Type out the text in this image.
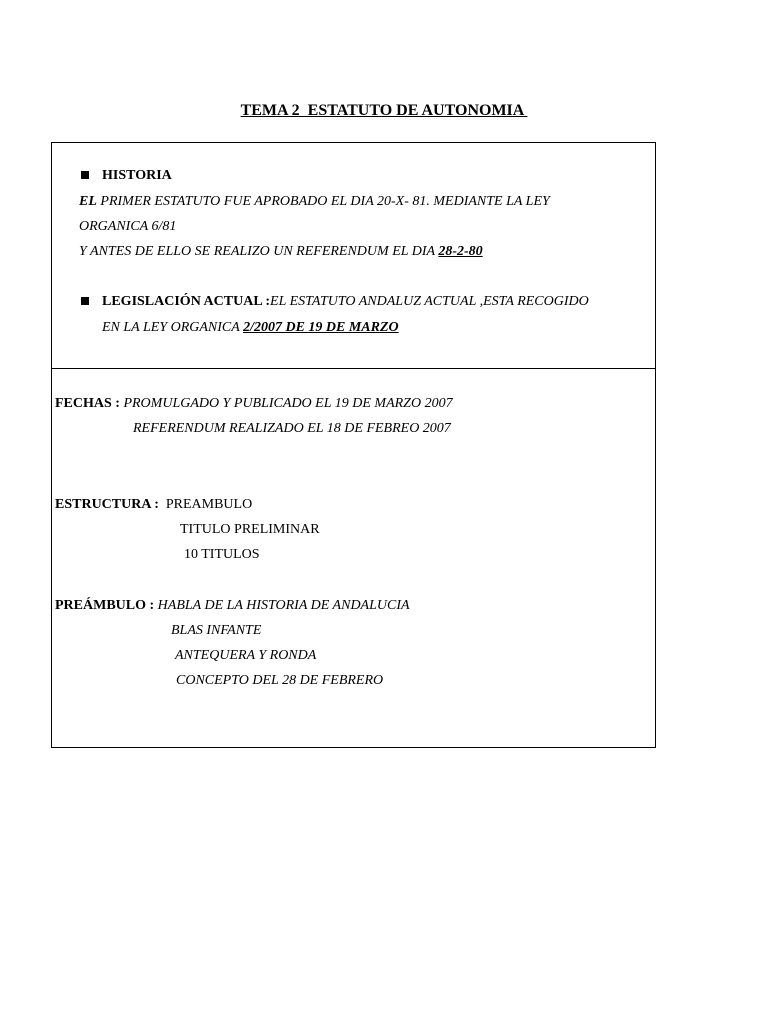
TEMA 2  ESTATUTO DE AUTONOMIA
HISTORIA
EL PRIMER ESTATUTO FUE APROBADO EL DIA 20-X- 81. MEDIANTE LA LEY
ORGANICA 6/81
Y ANTES DE ELLO SE REALIZO UN REFERENDUM EL DIA 28-2-80
LEGISLACIÓN ACTUAL :EL ESTATUTO ANDALUZ ACTUAL ,ESTA RECOGIDO
EN LA LEY ORGANICA 2/2007 DE 19 DE MARZO
FECHAS : PROMULGADO Y PUBLICADO EL 19 DE MARZO 2007
REFERENDUM REALIZADO EL 18 DE FEBREO 2007
ESTRUCTURA :  PREAMBULO
TITULO PRELIMINAR
10 TITULOS
PREÁMBULO : HABLA DE LA HISTORIA DE ANDALUCIA
BLAS INFANTE
ANTEQUERA Y RONDA
CONCEPTO DEL 28 DE FEBRERO
